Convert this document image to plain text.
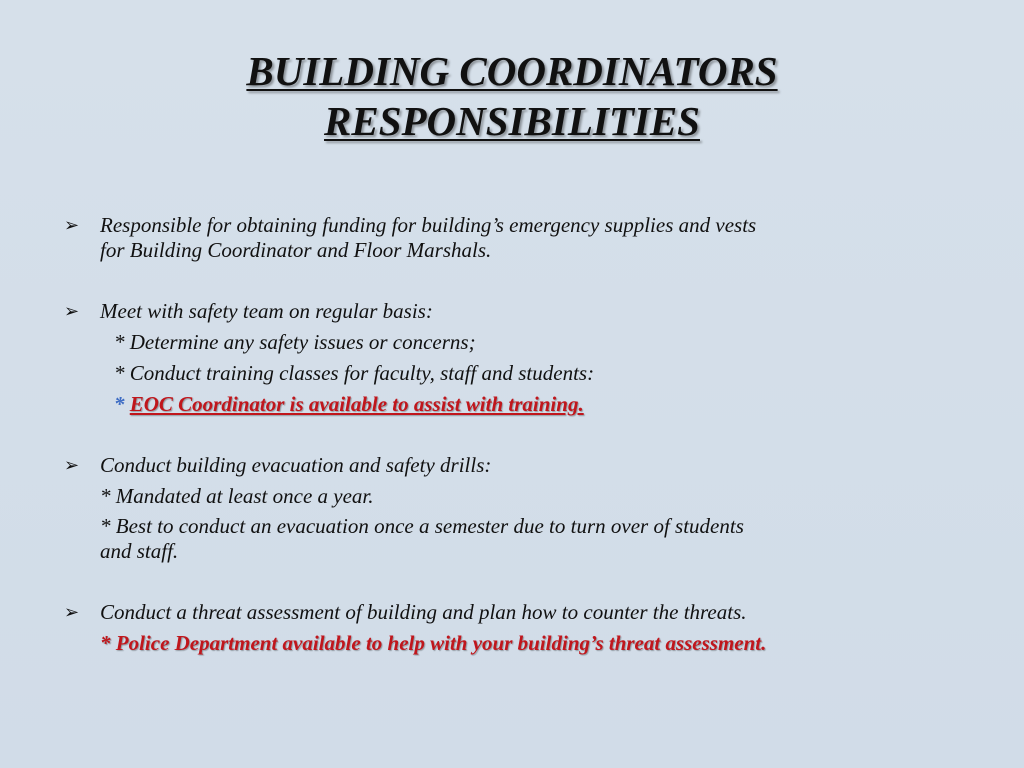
BUILDING COORDINATORS
RESPONSIBILITIES
➢ Responsible for obtaining funding for building’s emergency supplies and vests
for Building Coordinator and Floor Marshals.
➢ Meet with safety team on regular basis:
* Determine any safety issues or concerns;
* Conduct training classes for faculty, staff and students:
* EOC Coordinator is available to assist with training.
➢ Conduct building evacuation and safety drills:
* Mandated at least once a year.
* Best to conduct an evacuation once a semester due to turn over of students
and staff.
➢ Conduct a threat assessment of building and plan how to counter the threats.
* Police Department available to help with your building’s threat assessment.
